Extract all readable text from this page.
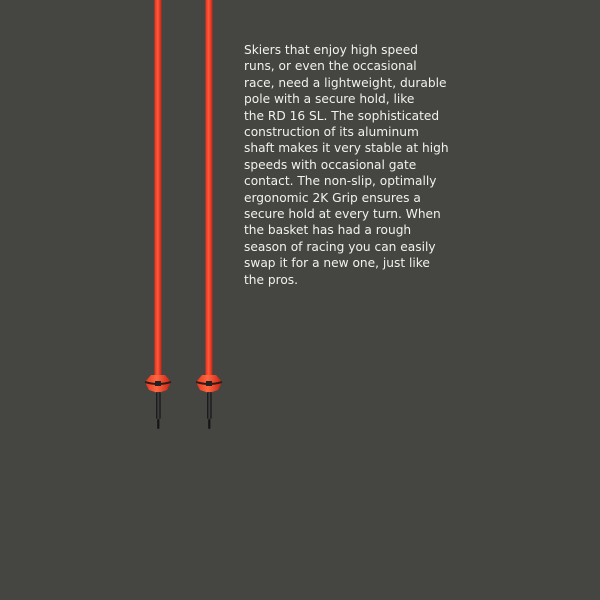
Skiers that enjoy high speed
runs, or even the occasional
race, need a lightweight, durable
pole with a secure hold, like
the RD 16 SL. The sophisticated
construction of its aluminum
shaft makes it very stable at high
speeds with occasional gate
contact. The non-slip, optimally
ergonomic 2K Grip ensures a
secure hold at every turn. When
the basket has had a rough
season of racing you can easily
swap it for a new one, just like
the pros.
